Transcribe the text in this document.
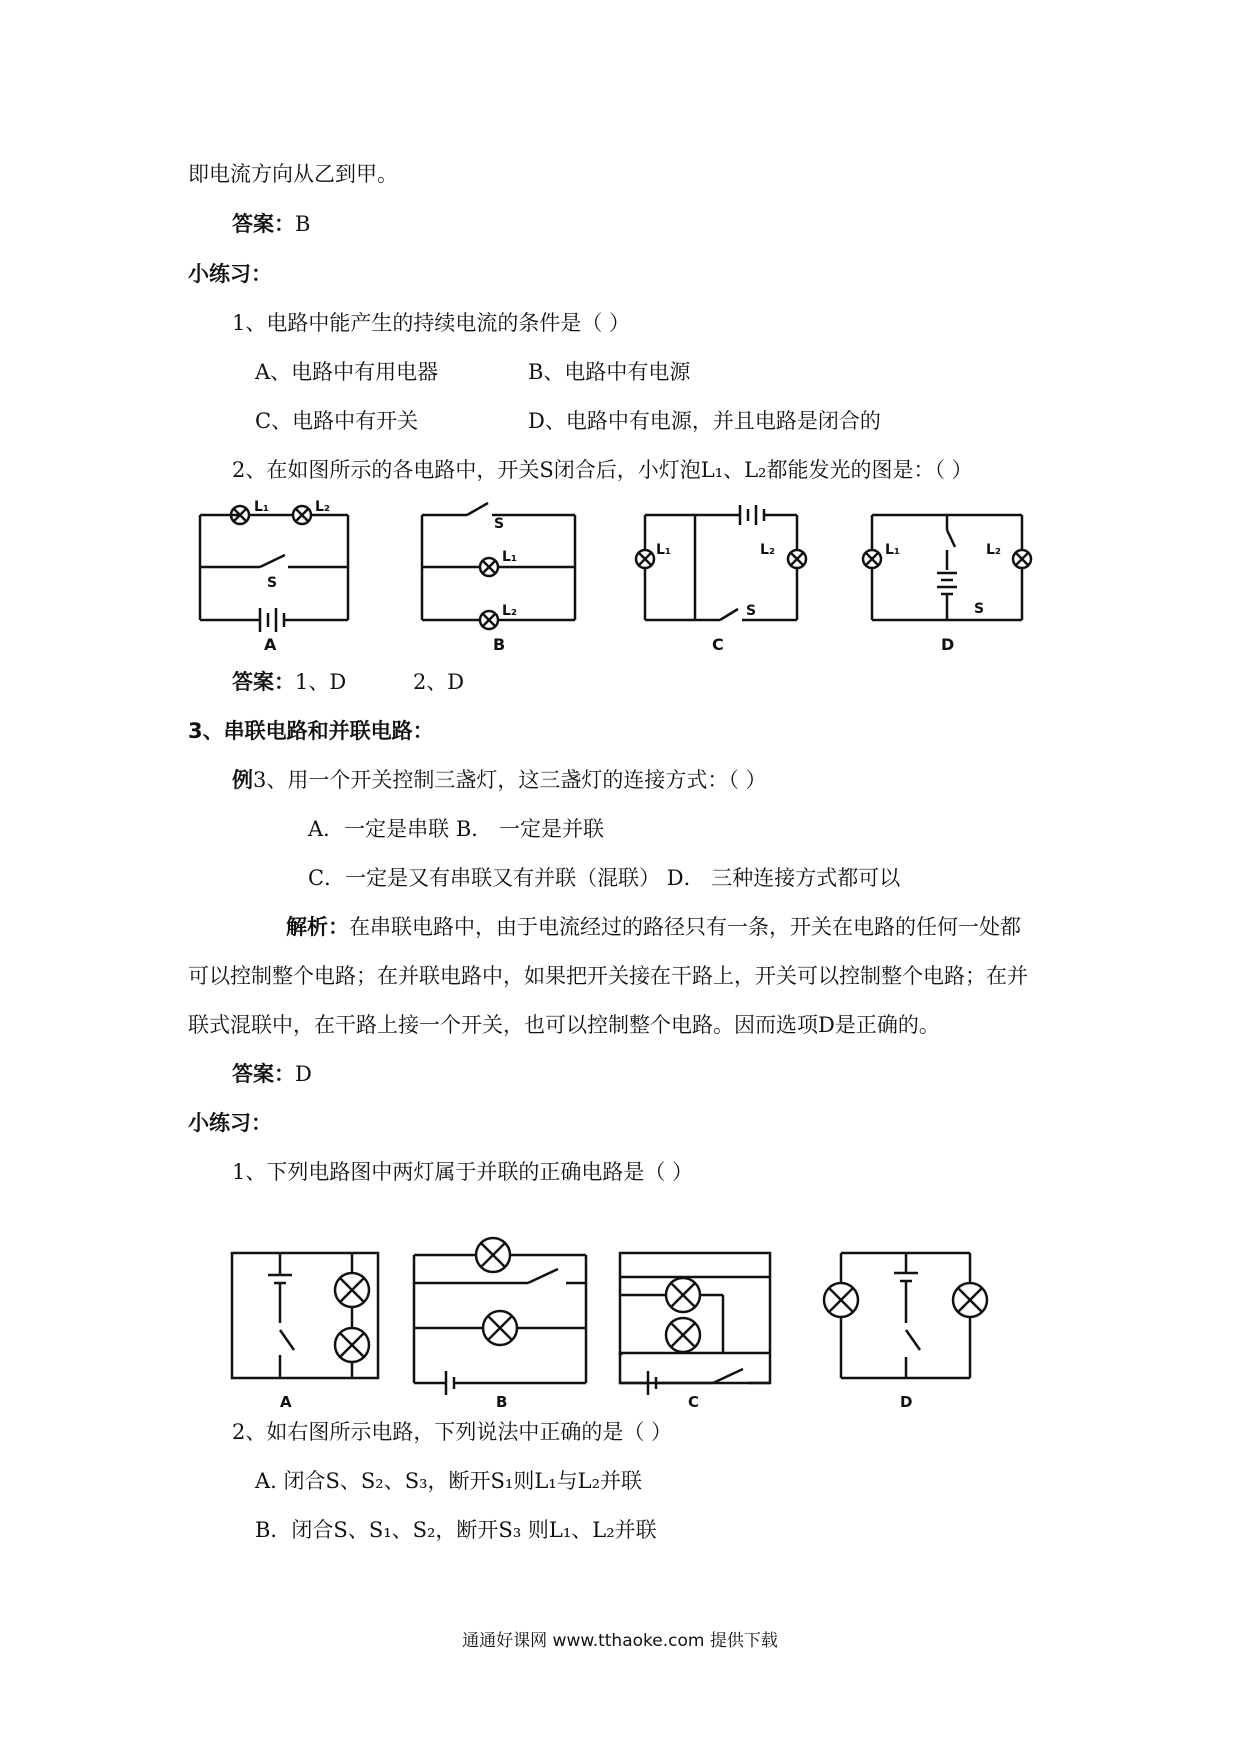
即电流方向从乙到甲。
答案：B
小练习：
1、电路中能产生的持续电流的条件是（ ）
A、电路中有用电器	B、电路中有电源
C、电路中有开关	D、电路中有电源，并且电路是闭合的
2、在如图所示的各电路中，开关S闭合后，小灯泡L₁、L₂都能发光的图是：（ ）
L₁	L₂
S
A
S
L₁
L₂
B
L₁	L₂
S
C
L₁	L₂
S
D
答案：1、D          2、D
3、串联电路和并联电路：
例3、用一个开关控制三盏灯，这三盏灯的连接方式：（ ）
A．一定是串联 B． 一定是并联
C．一定是又有串联又有并联（混联） D． 三种连接方式都可以
解析：在串联电路中，由于电流经过的路径只有一条，开关在电路的任何一处都
可以控制整个电路；在并联电路中，如果把开关接在干路上，开关可以控制整个电路；在并
联式混联中，在干路上接一个开关，也可以控制整个电路。因而选项D是正确的。
答案：D
小练习：
1、下列电路图中两灯属于并联的正确电路是（ ）
A	B	C	D
2、如右图所示电路，下列说法中正确的是（ ）
A. 闭合S、S₂、S₃，断开S₁则L₁与L₂并联
B．闭合S、S₁、S₂，断开S₃ 则L₁、L₂并联
通通好课网 www.tthaoke.com 提供下载
